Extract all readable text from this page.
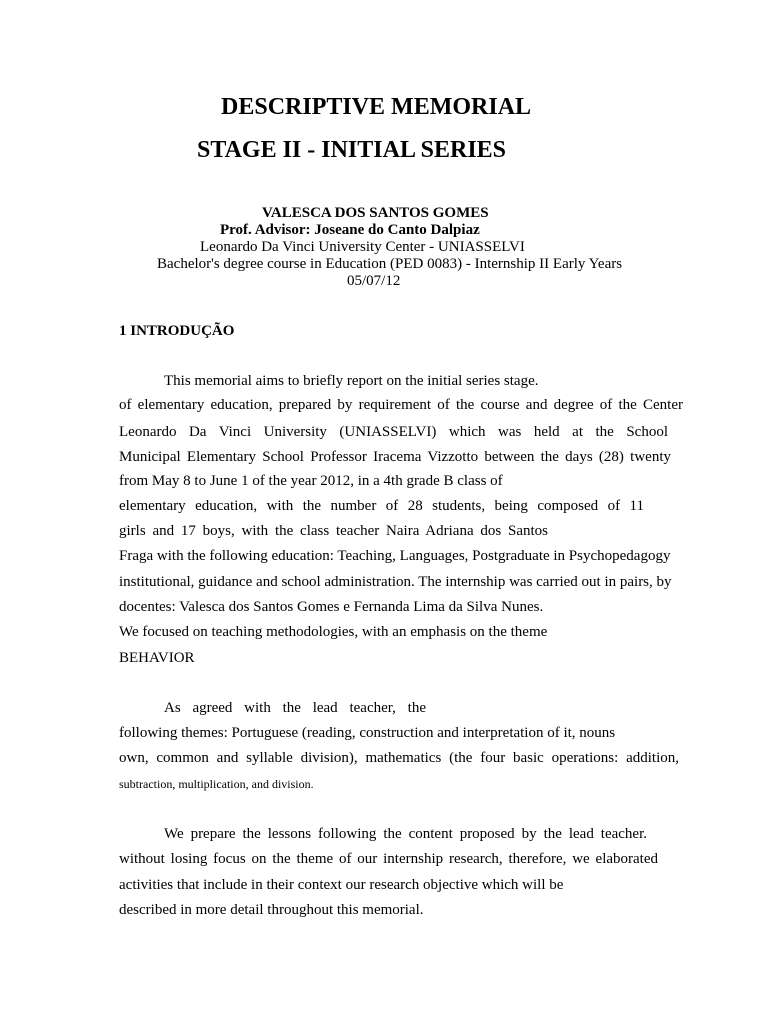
DESCRIPTIVE MEMORIAL
STAGE II - INITIAL SERIES
VALESCA DOS SANTOS GOMES
Prof. Advisor: Joseane do Canto Dalpiaz
Leonardo Da Vinci University Center - UNIASSELVI
Bachelor's degree course in Education (PED 0083) - Internship II Early Years
05/07/12
1 INTRODUÇÃO
This memorial aims to briefly report on the initial series stage.
of elementary education, prepared by requirement of the course and degree of the Center
Leonardo Da Vinci University (UNIASSELVI) which was held at the School
Municipal Elementary School Professor Iracema Vizzotto between the days (28) twenty
from May 8 to June 1 of the year 2012, in a 4th grade B class of
elementary education, with the number of 28 students, being composed of 11
girls and 17 boys, with the class teacher Naira Adriana dos Santos
Fraga with the following education: Teaching, Languages, Postgraduate in Psychopedagogy
institutional, guidance and school administration. The internship was carried out in pairs, by
docentes: Valesca dos Santos Gomes e Fernanda Lima da Silva Nunes.
We focused on teaching methodologies, with an emphasis on the theme
BEHAVIOR
As agreed with the lead teacher, the
following themes: Portuguese (reading, construction and interpretation of it, nouns
own, common and syllable division), mathematics (the four basic operations: addition,
subtraction, multiplication, and division.
We prepare the lessons following the content proposed by the lead teacher.
without losing focus on the theme of our internship research, therefore, we elaborated
activities that include in their context our research objective which will be
described in more detail throughout this memorial.
